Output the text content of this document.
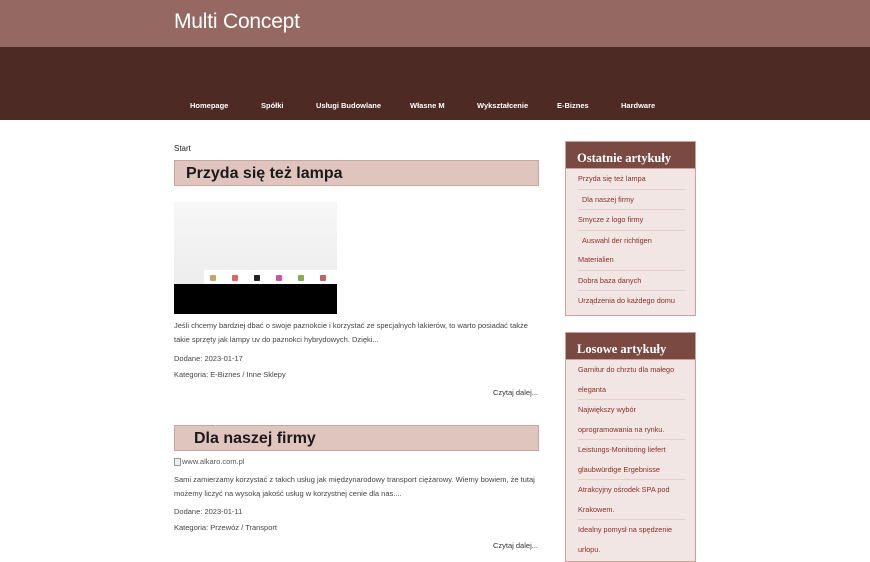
Multi Concept
Homepage	Spółki	Usługi Budowlane	Własne M	Wykształcenie	E-Biznes	Hardware
Przewóz	Public Relations	Wigor	Serwis	Wycieczki	Zabiegi	Oprogramowanie
Kontakt
Start
Przyda się też lampa

Jeśli chcemy bardziej dbać o swoje paznokcie i korzystać ze specjalnych lakierów, to warto posiadać także takie sprzęty jak lampy uv do paznokci hybrydowych. Dzięki...

Dodane: 2023-01-17
Kategoria: E-Biznes / Inne Sklepy
Czytaj dalej...
Dla naszej firmy
www.alkaro.com.pl

Sami zamierzamy korzystać z takich usług jak międzynarodowy transport ciężarowy. Wiemy bowiem, że tutaj możemy liczyć na wysoką jakość usług w korzystnej cenie dla nas....

Dodane: 2023-01-11
Kategoria: Przewóz / Transport
Czytaj dalej...
Ostatnie artykuły
Przyda się też lampa
Dla naszej firmy
Smycze z logo firmy
Auswahl der richtigen
Materialien
Dobra baza danych
Urządzenia do każdego domu
Losowe artykuły
Garnitur do chrztu dla małego
eleganta
Największy wybór
oprogramowania na rynku.
Leistungs-Monitoring liefert
glaubwürdige Ergebnisse
Atrakcyjny ośrodek SPA pod
Krakowem.
Idealny pomysł na spędzenie
urlopu.
